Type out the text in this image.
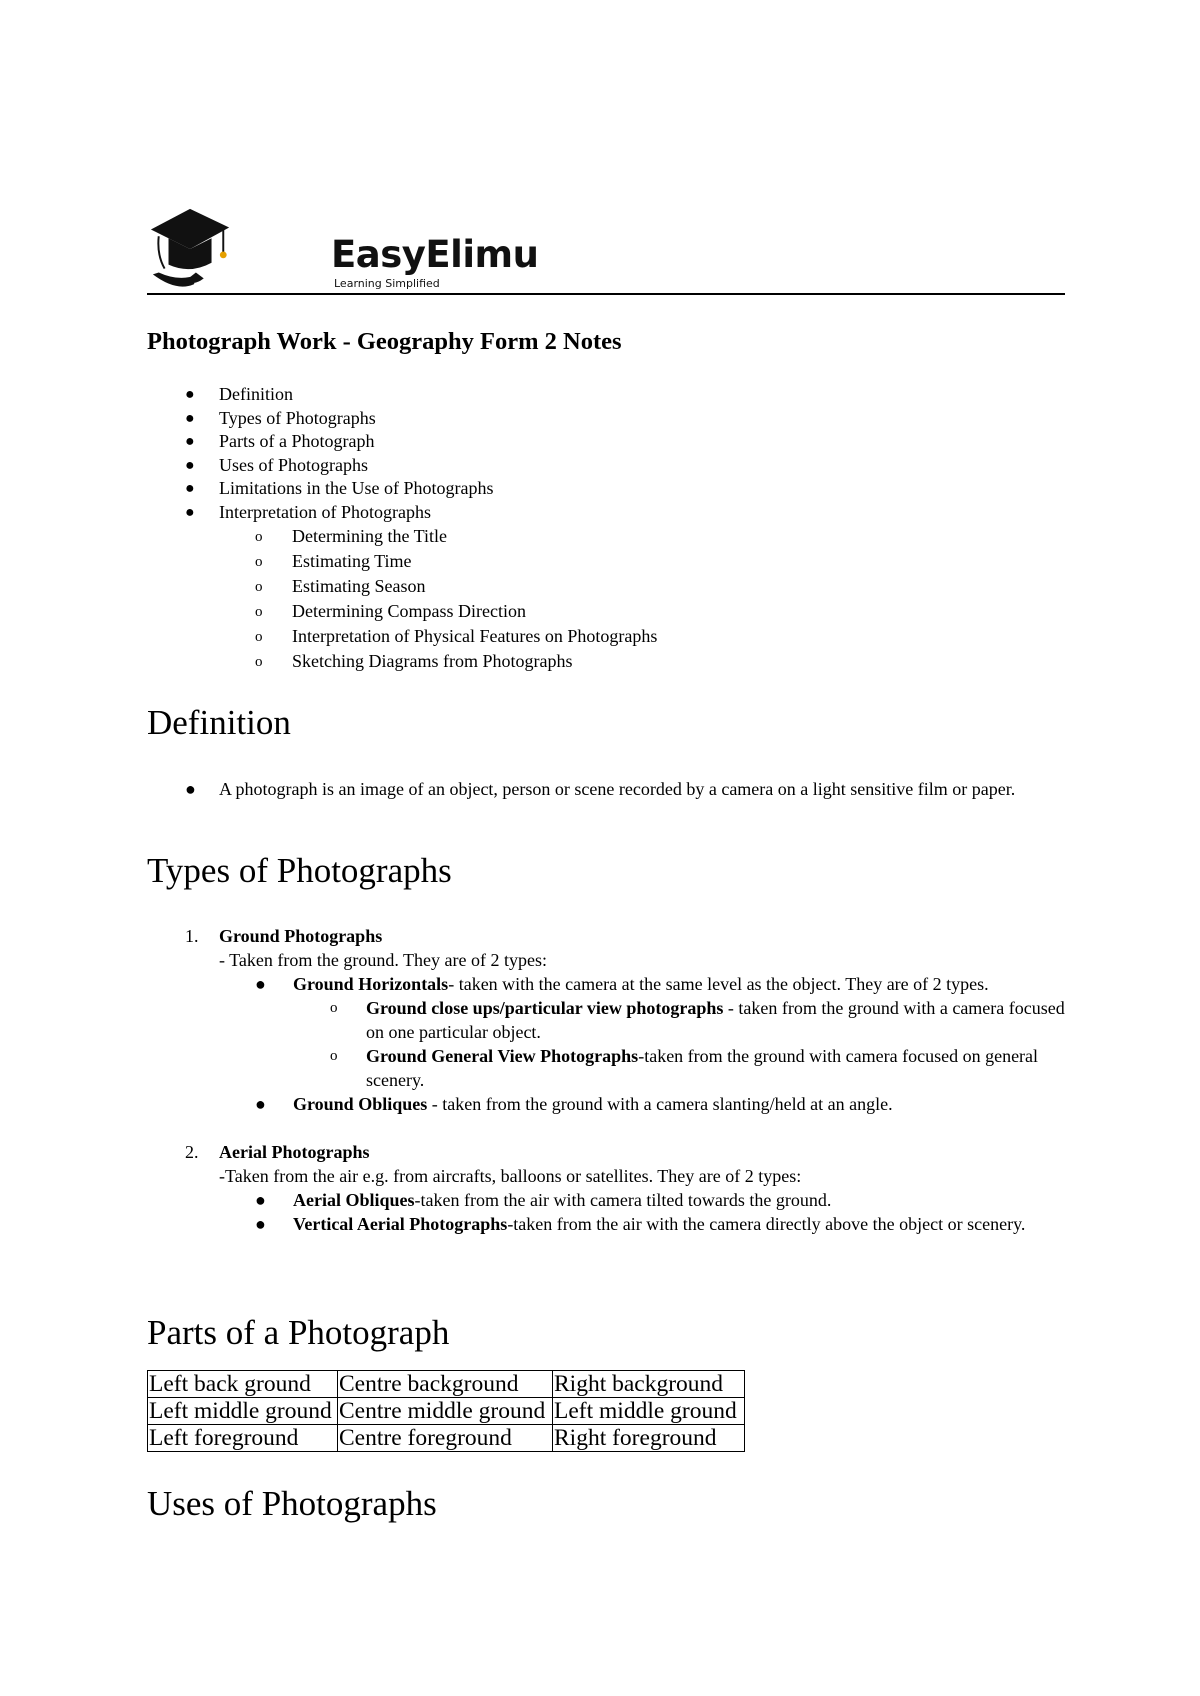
EasyElimu
Learning Simplified
Photograph Work - Geography Form 2 Notes
● Definition
● Types of Photographs
● Parts of a Photograph
● Uses of Photographs
● Limitations in the Use of Photographs
● Interpretation of Photographs
o Determining the Title
o Estimating Time
o Estimating Season
o Determining Compass Direction
o Interpretation of Physical Features on Photographs
o Sketching Diagrams from Photographs
Definition
● A photograph is an image of an object, person or scene recorded by a camera on a light sensitive film or paper.
Types of Photographs
1. Ground Photographs
- Taken from the ground. They are of 2 types:
● Ground Horizontals- taken with the camera at the same level as the object. They are of 2 types.
o Ground close ups/particular view photographs - taken from the ground with a camera focused on one particular object.
o Ground General View Photographs-taken from the ground with camera focused on general scenery.
● Ground Obliques - taken from the ground with a camera slanting/held at an angle.
2. Aerial Photographs
-Taken from the air e.g. from aircrafts, balloons or satellites. They are of 2 types:
● Aerial Obliques-taken from the air with camera tilted towards the ground.
● Vertical Aerial Photographs-taken from the air with the camera directly above the object or scenery.
Parts of a Photograph
Left back ground	Centre background	Right background
Left middle ground	Centre middle ground	Left middle ground
Left foreground	Centre foreground	Right foreground
Uses of Photographs
